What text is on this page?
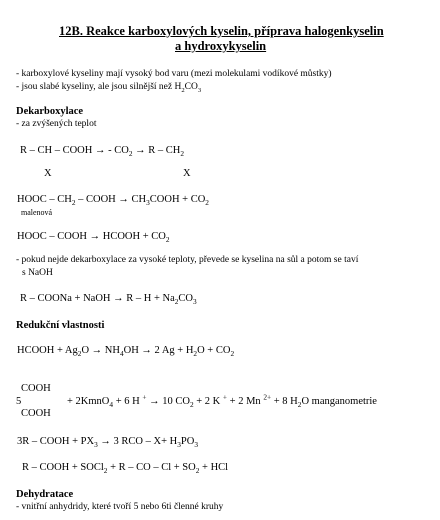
12B. Reakce karboxylových kyselin, příprava halogenkyselin
a hydroxykyselin
- karboxylové kyseliny mají vysoký bod varu (mezi molekulami vodíkové můstky)
- jsou slabé kyseliny, ale jsou silnější než $H_2CO_3$
Dekarboxylace
- za zvýšených teplot
R – CH – COOH → - $CO_2 \to R - CH_2$
X	X
HOOC – $CH_2$ – COOH → $CH_3COOH + CO_2$
malenová
HOOC – COOH → HCOOH + $CO_2$
- pokud nejde dekarboxylace za vysoké teploty, převede se kyselina na sůl a potom se taví
s NaOH
R – COONa + NaOH → $R - H + Na_2CO_3$
Redukční vlastnosti
HCOOH + $Ag_2O \to NH_4OH \to 2$ $Ag + H_2O + CO_2$
COOH
5
COOH
+ 2KmnO$_4$ + 6 H + → 10 $CO_2 + 2$ K + + 2 Mn $^{2+}$ + 8 $H_2O$ manganometrie
3R – COOH + $PX_3 \to 3$ RCO – $X+ H_3PO_3$
R – COOH + SOCl$_2$ + R – CO – $Cl + SO_2$ + HCl
Dehydratace
- vnitřní anhydridy, které tvoří 5 nebo 6ti členné kruhy
